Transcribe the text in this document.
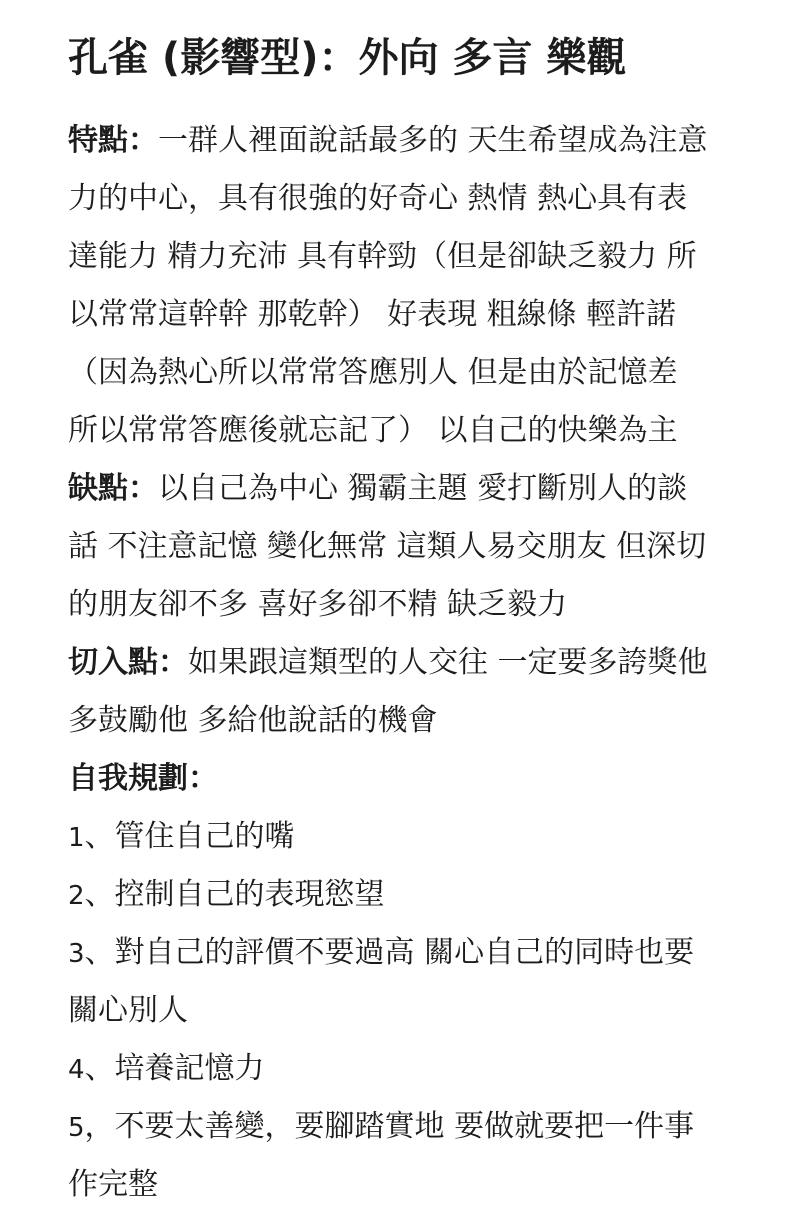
孔雀 (影響型)：外向 多言 樂觀
特點：一群人裡面說話最多的 天生希望成為注意
力的中心，具有很強的好奇心 熱情 熱心具有表
達能力 精力充沛 具有幹勁（但是卻缺乏毅力 所
以常常這幹幹 那乾幹） 好表現 粗線條 輕許諾
（因為熱心所以常常答應別人 但是由於記憶差
所以常常答應後就忘記了） 以自己的快樂為主
缺點：以自己為中心 獨霸主題 愛打斷別人的談
話 不注意記憶 變化無常 這類人易交朋友 但深切
的朋友卻不多 喜好多卻不精 缺乏毅力
切入點：如果跟這類型的人交往 一定要多誇獎他
多鼓勵他 多給他說話的機會
自我規劃：
1、管住自己的嘴
2、控制自己的表現慾望
3、對自己的評價不要過高 關心自己的同時也要
關心別人
4、培養記憶力
5，不要太善變，要腳踏實地 要做就要把一件事
作完整
